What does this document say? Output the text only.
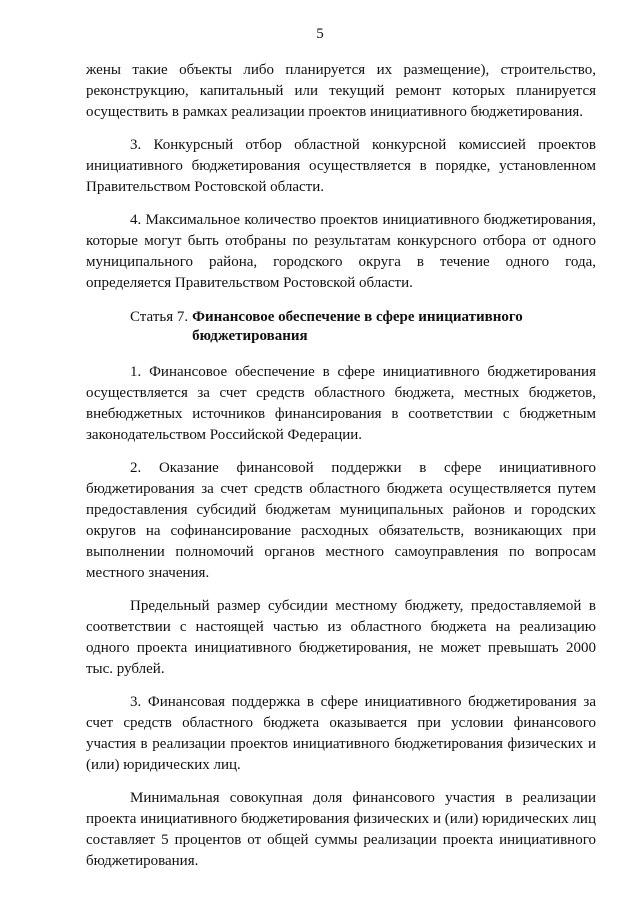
5

жены такие объекты либо планируется их размещение), строительство, реконструкцию, капитальный или текущий ремонт которых планируется осуществить в рамках реализации проектов инициативного бюджетирования.

3. Конкурсный отбор областной конкурсной комиссией проектов инициативного бюджетирования осуществляется в порядке, установленном Правительством Ростовской области.

4. Максимальное количество проектов инициативного бюджетирования, которые могут быть отобраны по результатам конкурсного отбора от одного муниципального района, городского округа в течение одного года, определяется Правительством Ростовской области.

Статья 7. Финансовое обеспечение в сфере инициативного бюджетирования

1. Финансовое обеспечение в сфере инициативного бюджетирования осуществляется за счет средств областного бюджета, местных бюджетов, внебюджетных источников финансирования в соответствии с бюджетным законодательством Российской Федерации.

2. Оказание финансовой поддержки в сфере инициативного бюджетирования за счет средств областного бюджета осуществляется путем предоставления субсидий бюджетам муниципальных районов и городских округов на софинансирование расходных обязательств, возникающих при выполнении полномочий органов местного самоуправления по вопросам местного значения.

Предельный размер субсидии местному бюджету, предоставляемой в соответствии с настоящей частью из областного бюджета на реализацию одного проекта инициативного бюджетирования, не может превышать 2000 тыс. рублей.

3. Финансовая поддержка в сфере инициативного бюджетирования за счет средств областного бюджета оказывается при условии финансового участия в реализации проектов инициативного бюджетирования физических и (или) юридических лиц.

Минимальная совокупная доля финансового участия в реализации проекта инициативного бюджетирования физических и (или) юридических лиц составляет 5 процентов от общей суммы реализации проекта инициативного бюджетирования.
